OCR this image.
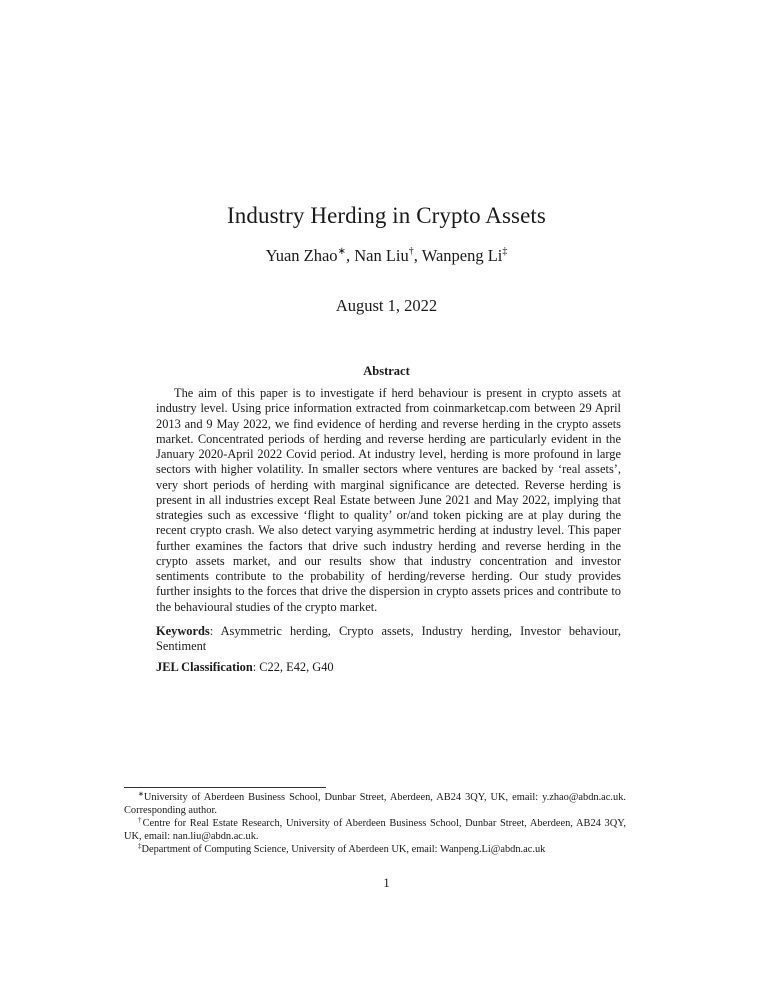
Industry Herding in Crypto Assets
Yuan Zhao∗, Nan Liu†, Wanpeng Li‡
August 1, 2022
Abstract
The aim of this paper is to investigate if herd behaviour is present in crypto assets at industry level. Using price information extracted from coinmarketcap.com between 29 April 2013 and 9 May 2022, we find evidence of herding and reverse herding in the crypto assets market. Concentrated periods of herding and reverse herding are particularly evident in the January 2020-April 2022 Covid period. At industry level, herding is more profound in large sectors with higher volatility. In smaller sectors where ventures are backed by ‘real assets’, very short periods of herding with marginal significance are detected. Reverse herding is present in all industries except Real Estate between June 2021 and May 2022, implying that strategies such as excessive ‘flight to quality’ or/and token picking are at play during the recent crypto crash. We also detect varying asymmetric herding at industry level. This paper further examines the factors that drive such industry herding and reverse herding in the crypto assets market, and our results show that industry concentration and investor sentiments contribute to the probability of herding/reverse herding. Our study provides further insights to the forces that drive the dispersion in crypto assets prices and contribute to the behavioural studies of the crypto market.
Keywords: Asymmetric herding, Crypto assets, Industry herding, Investor behaviour, Sentiment
JEL Classification: C22, E42, G40

∗University of Aberdeen Business School, Dunbar Street, Aberdeen, AB24 3QY, UK, email: y.zhao@abdn.ac.uk. Corresponding author.

†Centre for Real Estate Research, University of Aberdeen Business School, Dunbar Street, Aberdeen, AB24 3QY, UK, email: nan.liu@abdn.ac.uk.

‡Department of Computing Science, University of Aberdeen UK, email: Wanpeng.Li@abdn.ac.uk

1
